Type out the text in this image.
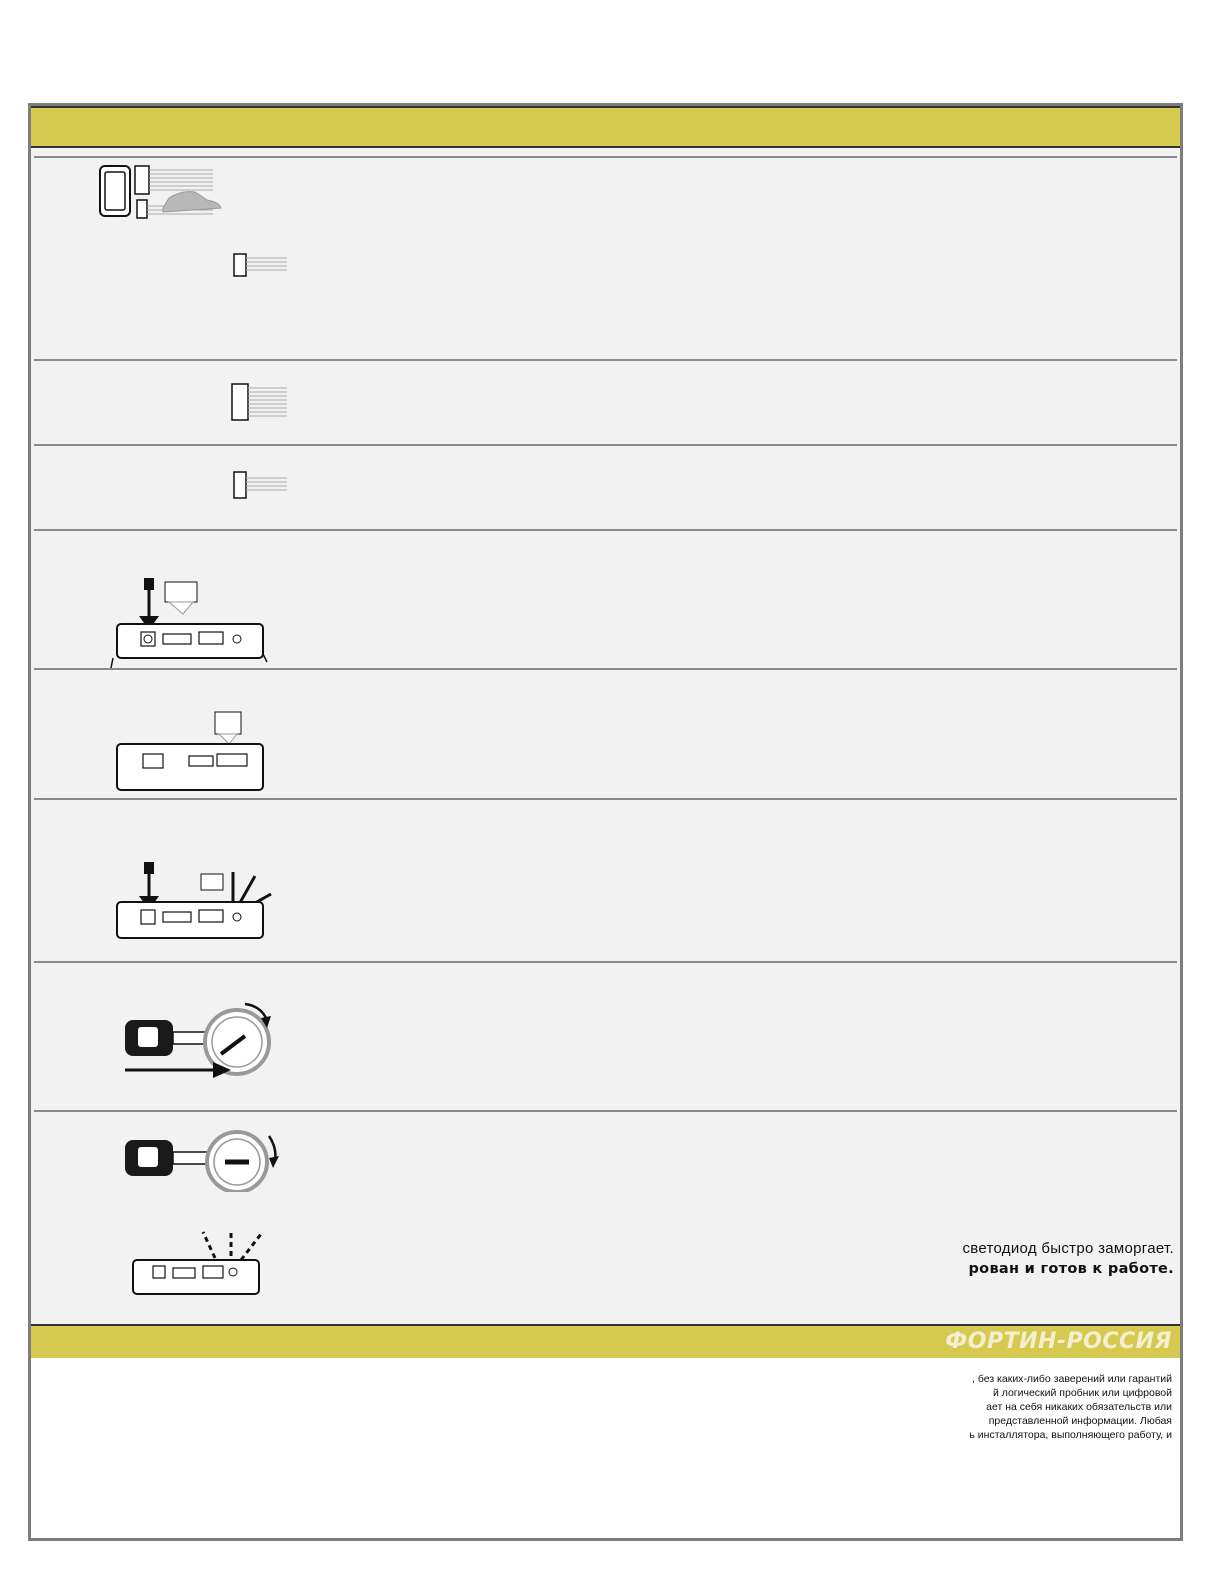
светодиод быстро заморгает.
рован и готов к работе.
ФОРТИН-РОССИЯ
, без каких-либо заверений или гарантий
й логический пробник или цифровой
ает на себя никаких обязательств или
представленной информации. Любая
ь инсталлятора, выполняющего работу, и
